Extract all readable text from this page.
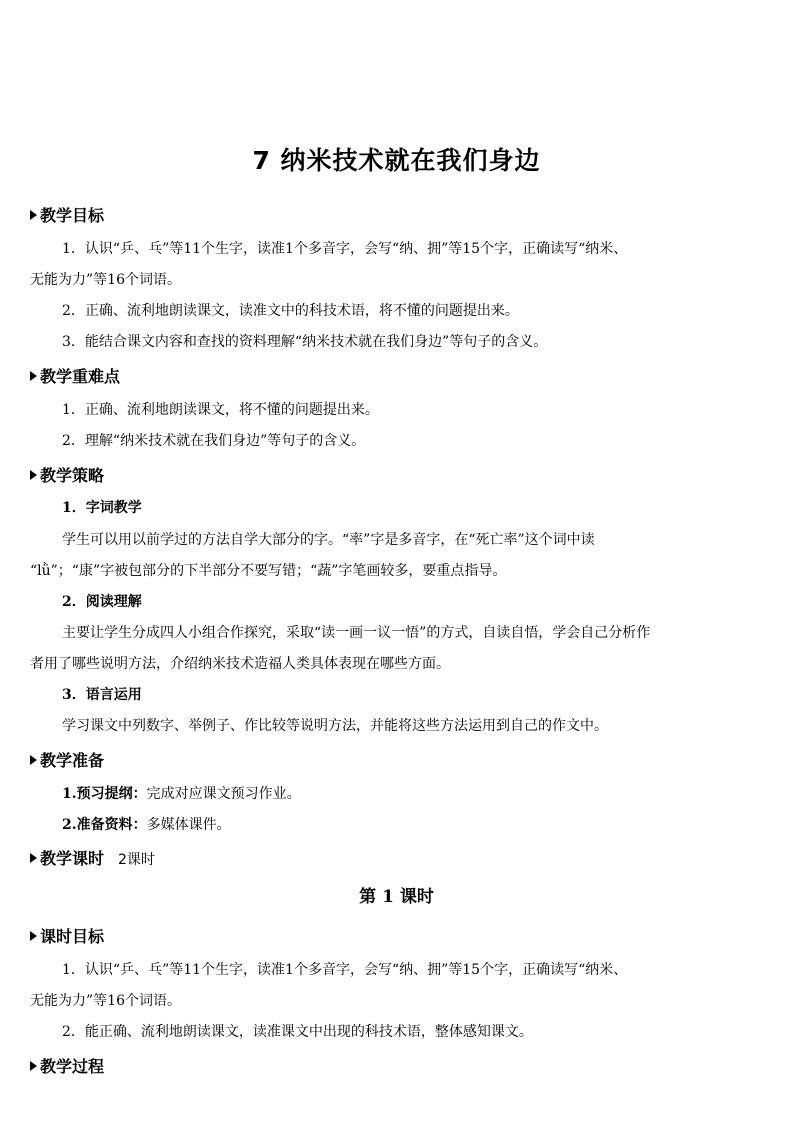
7 纳米技术就在我们身边
教学目标
1．认识“乒、乓”等11个生字，读准1个多音字，会写“纳、拥”等15个字，正确读写“纳米、
无能为力”等16个词语。
2．正确、流利地朗读课文，读准文中的科技术语，将不懂的问题提出来。
3．能结合课文内容和查找的资料理解“纳米技术就在我们身边”等句子的含义。
教学重难点
1．正确、流利地朗读课文，将不懂的问题提出来。
2．理解“纳米技术就在我们身边”等句子的含义。
教学策略
1．字词教学
学生可以用以前学过的方法自学大部分的字。“率”字是多音字，在“死亡率”这个词中读
“lǜ”；“康”字被包部分的下半部分不要写错；“蔬”字笔画较多，要重点指导。
2．阅读理解
主要让学生分成四人小组合作探究，采取“读一画一议一悟”的方式，自读自悟，学会自己分析作
者用了哪些说明方法，介绍纳米技术造福人类具体表现在哪些方面。
3．语言运用
学习课文中列数字、举例子、作比较等说明方法，并能将这些方法运用到自己的作文中。
教学准备
1.预习提纲：完成对应课文预习作业。
2.准备资料：多媒体课件。
教学课时 2课时
第 1 课时
课时目标
1．认识“乒、乓”等11个生字，读准1个多音字，会写“纳、拥”等15个字，正确读写“纳米、
无能为力”等16个词语。
2．能正确、流利地朗读课文，读准课文中出现的科技术语，整体感知课文。
教学过程
